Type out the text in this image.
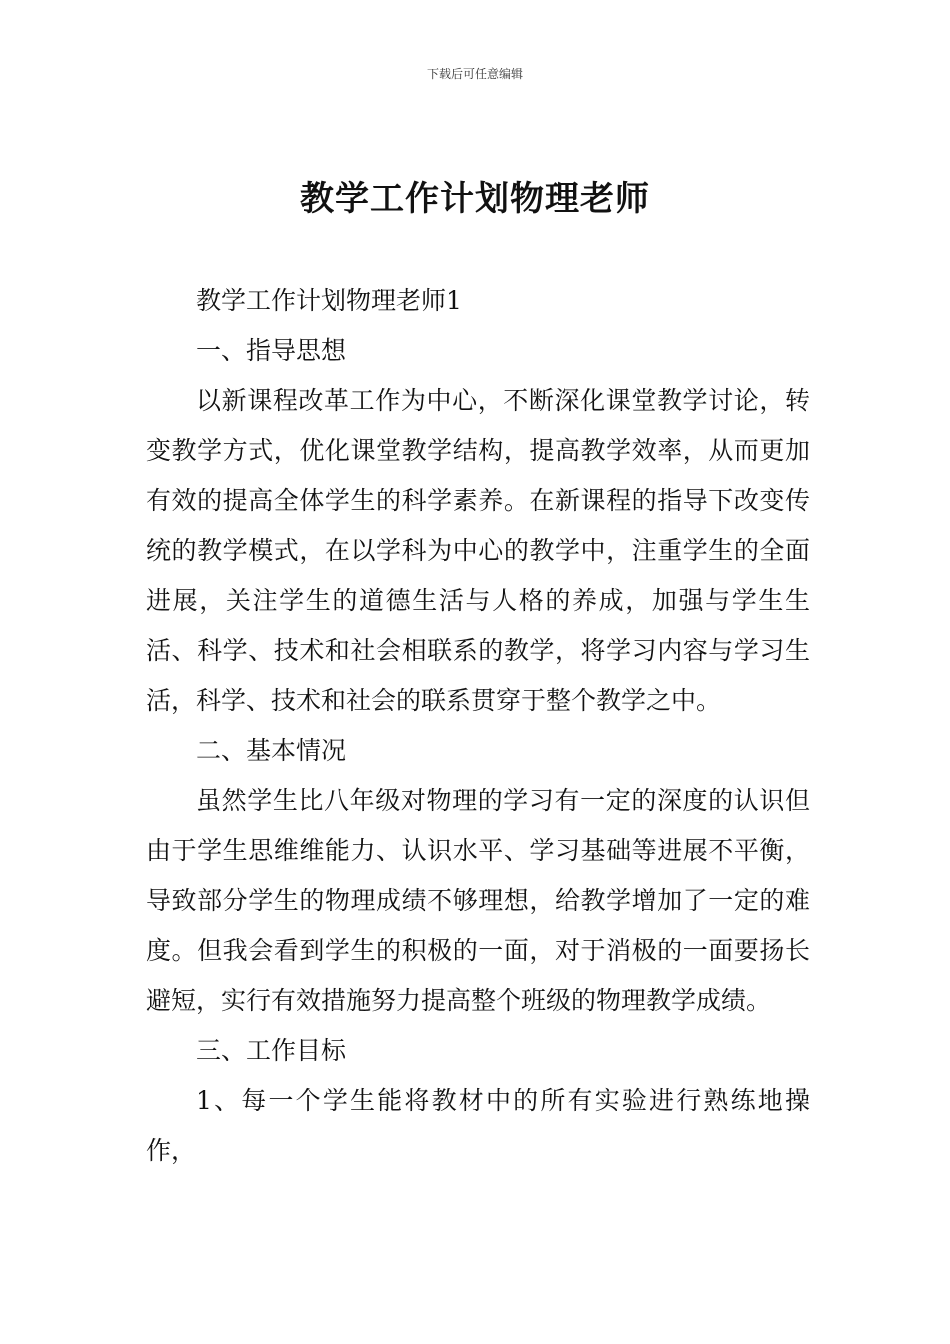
下载后可任意编辑
教学工作计划物理老师

教学工作计划物理老师1

一、指导思想

以新课程改革工作为中心，不断深化课堂教学讨论，转变教学方式，优化课堂教学结构，提高教学效率，从而更加有效的提高全体学生的科学素养。在新课程的指导下改变传统的教学模式，在以学科为中心的教学中，注重学生的全面进展，关注学生的道德生活与人格的养成，加强与学生生活、科学、技术和社会相联系的教学，将学习内容与学习生活，科学、技术和社会的联系贯穿于整个教学之中。

二、基本情况

虽然学生比八年级对物理的学习有一定的深度的认识但由于学生思维维能力、认识水平、学习基础等进展不平衡，导致部分学生的物理成绩不够理想，给教学增加了一定的难度。但我会看到学生的积极的一面，对于消极的一面要扬长避短，实行有效措施努力提高整个班级的物理教学成绩。

三、工作目标

1、每一个学生能将教材中的所有实验进行熟练地操作，
